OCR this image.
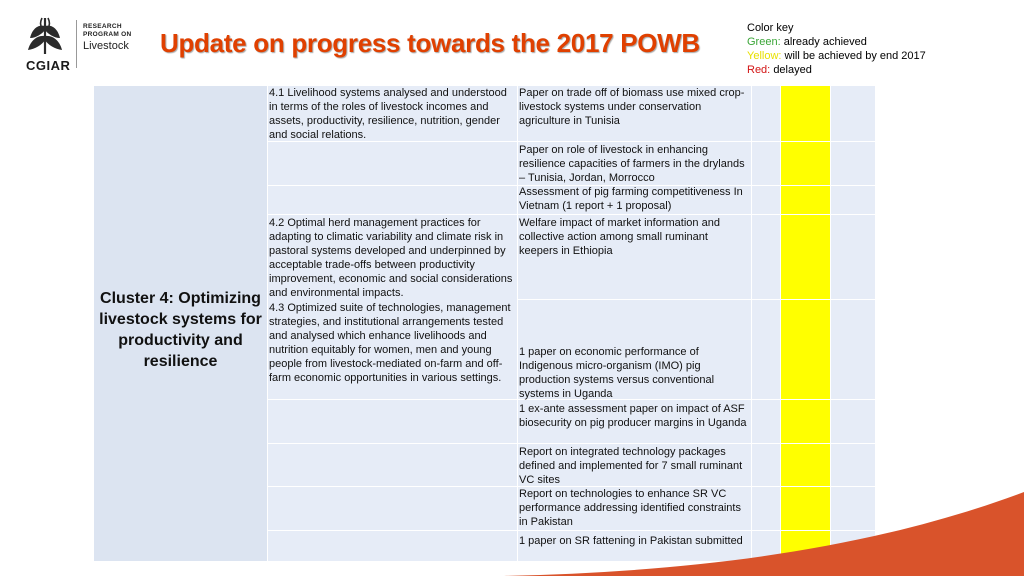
CGIAR
RESEARCH
PROGRAM ON
Livestock Update on progress towards the 2017 POWB	Color key
Green: already achieved
Yellow: will be achieved by end 2017
Red: delayed
Cluster 4: Optimizing livestock systems for productivity and resilience
4.1 Livelihood systems analysed and understood in terms of the roles of livestock incomes and assets, productivity, resilience, nutrition, gender and social relations.
4.2 Optimal herd management practices for adapting to climatic variability and climate risk in pastoral systems developed and underpinned by acceptable trade-offs between productivity improvement, economic and social considerations and environmental impacts.
4.3 Optimized suite of technologies, management strategies, and institutional arrangements tested and analysed which enhance livelihoods and nutrition equitably for women, men and young people from livestock-mediated on-farm and off-farm economic opportunities in various settings.
Paper on trade off of biomass use mixed crop-livestock systems under conservation agriculture in Tunisia
Paper on role of livestock in enhancing resilience capacities of farmers in the drylands – Tunisia, Jordan, Morrocco
Assessment of pig farming competitiveness In Vietnam (1 report + 1 proposal)
Welfare impact of market information and collective action among small ruminant keepers in Ethiopia
1 paper on economic performance of Indigenous micro-organism (IMO) pig production systems versus conventional systems in Uganda
1 ex-ante assessment paper on impact of ASF biosecurity on pig producer margins in Uganda
Report on integrated technology packages defined and implemented for 7 small ruminant VC sites
Report on technologies to enhance SR VC performance addressing identified constraints in Pakistan
1 paper on SR fattening in Pakistan submitted
